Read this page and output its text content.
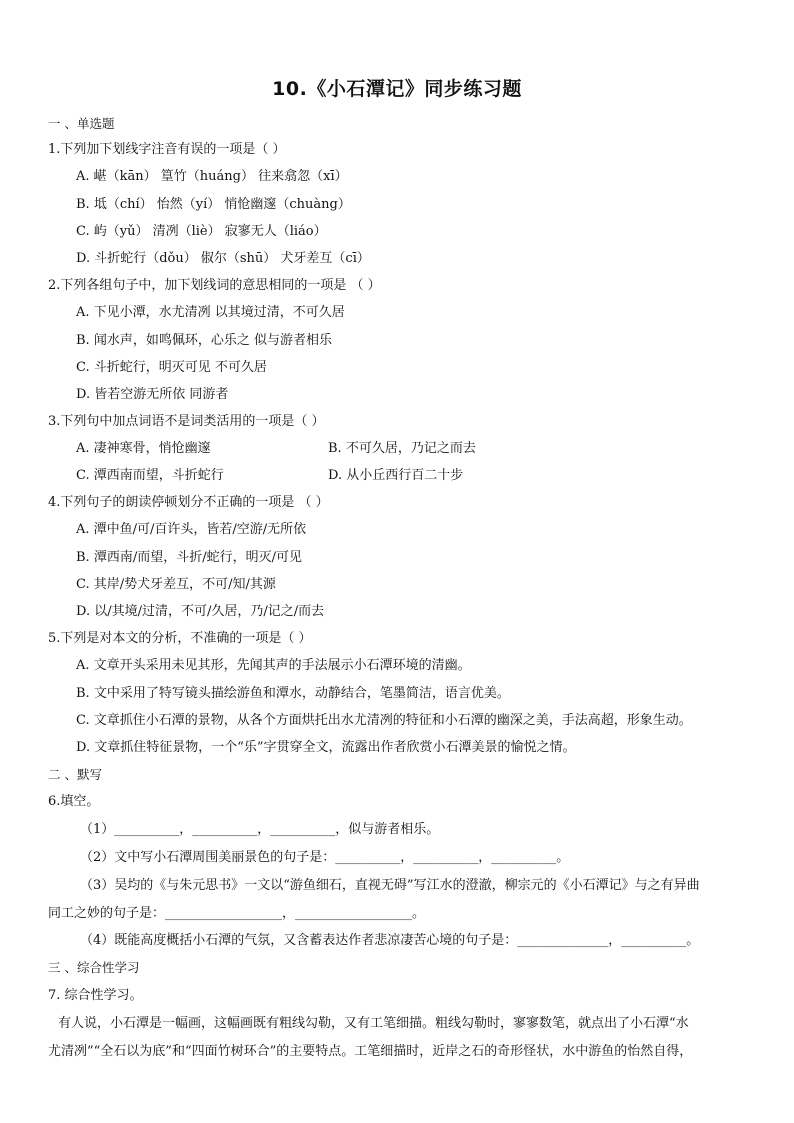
10.《小石潭记》同步练习题
一 、单选题
1.下列加下划线字注音有误的一项是（ ）
A. 嵁（kān） 篁竹（huáng） 往来翕忽（xī）
B. 坻（chí） 怡然（yí） 悄怆幽邃（chuàng）
C. 屿（yǔ） 清冽（liè） 寂寥无人（liáo）
D. 斗折蛇行（dǒu） 俶尔（shū） 犬牙差互（cī）
2.下列各组句子中，加下划线词的意思相同的一项是 （ ）
A. 下见小潭，水尤清冽 以其境过清，不可久居
B. 闻水声，如鸣佩环，心乐之 似与游者相乐
C. 斗折蛇行，明灭可见 不可久居
D. 皆若空游无所依 同游者
3.下列句中加点词语不是词类活用的一项是（ ）
A. 凄神寒骨，悄怆幽邃	B. 不可久居，乃记之而去
C. 潭西南而望，斗折蛇行	D. 从小丘西行百二十步
4.下列句子的朗读停顿划分不正确的一项是 （ ）
A. 潭中鱼/可/百许头，皆若/空游/无所依
B. 潭西南/而望，斗折/蛇行，明灭/可见
C. 其岸/势犬牙差互，不可/知/其源
D. 以/其境/过清，不可/久居，乃/记之/而去
5.下列是对本文的分析，不准确的一项是（ ）
A. 文章开头采用未见其形，先闻其声的手法展示小石潭环境的清幽。
B. 文中采用了特写镜头描绘游鱼和潭水，动静结合，笔墨简洁，语言优美。
C. 文章抓住小石潭的景物，从各个方面烘托出水尤清冽的特征和小石潭的幽深之美，手法高超，形象生动。
D. 文章抓住特征景物，一个“乐”字贯穿全文，流露出作者欣赏小石潭美景的愉悦之情。
二 、默写
6.填空。
（1）__________，__________，__________，似与游者相乐。
（2）文中写小石潭周围美丽景色的句子是：__________，__________，__________。
（3）吴均的《与朱元思书》一文以“游鱼细石，直视无碍”写江水的澄澈，柳宗元的《小石潭记》与之有异曲
同工之妙的句子是：__________________，__________________。
（4）既能高度概括小石潭的气氛，又含蓄表达作者悲凉凄苦心境的句子是：______________，__________。
三 、综合性学习
7. 综合性学习。
有人说，小石潭是一幅画，这幅画既有粗线勾勒，又有工笔细描。粗线勾勒时，寥寥数笔，就点出了小石潭“水
尤清冽”“全石以为底”和“四面竹树环合”的主要特点。工笔细描时，近岸之石的奇形怪状，水中游鱼的怡然自得，
